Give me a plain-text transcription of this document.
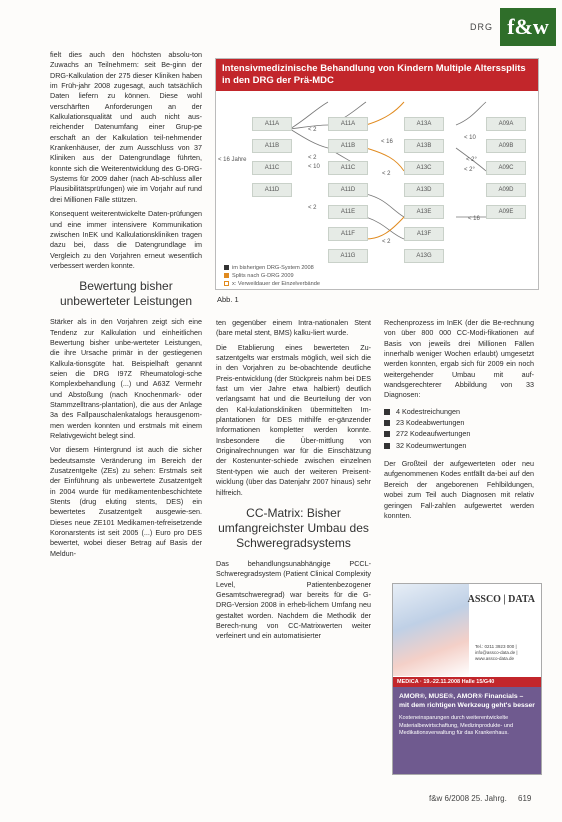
DRG f&w

fielt dies auch den höchsten absolu-ton Zuwachs an Teilnehmern: seit Be-ginn der DRG-Kalkulation der 275 dieser Kliniken haben im Früh-jahr 2008 zugesagt, auch tatsächlich Daten liefern zu können. Diese wohl verschärften Anforderungen an der Kalkulationsqualität und auch nicht aus-reichender Datenumfang einer Grup-pe erschaft an der Kalkulation teil-nehmender Krankenhäuser, der zum Ausschluss von 37 Kliniken aus der Datengrundlage führten, konnte sich die Weiterentwicklung des G-DRG-Systems für 2009 daher (nach Ab-schluss aller Plausibilitätsprüfungen) wie im Vorjahr auf rund drei Millionen Fälle stützen.

Konsequent weiterentwickelte Daten-prüfungen und eine immer intensivere Kommunikation zwischen InEK und Kalkulationskliniken tragen dazu bei, dass die Datengrundlage im Vergleich zu den Vorjahren erneut wesentlich verbessert werden konnte.

Bewertung bisher unbewerteter Leistungen

Stärker als in den Vorjahren zeigt sich eine Tendenz zur Kalkulation und einheitlichen Bewertung bisher unbe-werteter Leistungen, die ihre Ursache primär in der gestiegenen Kalkula-tionsgüte hat. Beispielhaft genannt seien die DRG I97Z Rheumatologi-sche Komplexbehandlung (...) und A63Z Vermehr und Abstoßung (nach Knochenmark- oder Stammzelltrans-plantation), die aus der Anlage 3a des Fallpauschalenkatalogs herausgenom-men werden konnten und erstmals mit einem Relativgewicht belegt sind.

Vor diesem Hintergrund ist auch die sicher bedeutsamste Veränderung im Bereich der Zusatzentgelte (ZEs) zu sehen: Erstmals seit der Einführung als unbewertete Zusatzentgelt in 2004 wurde für medikamentenbeschichtete Stents (drug eluting stents, DES) ein bewertetes Zusatzentgelt ausgewie-sen. Dieses neue ZE101 Medikamen-tefreisetzende Koronarstents ist seit 2005 (...) Euro pro DES bewertet, wobei dieser Betrag auf Basis der Meldun-

Intensivmedizinische Behandlung von Kindern Multiple Alterssplits in den DRG der Prä-MDC
A11A
A11B
A11C
A11D
A11A
A11B
A11C
A11D
A11E
A11F
A11G
A13A
A13B
A13C
A13D
A13E
A13F
A13G
A09A
A09B
A09C
A09D
A09E
< 2
< 16 Jahre	< 2
< 10
< 16
< 2°
< 10
< 2
< 2°
< 2
< 16
< 2
im bisherigen DRG-System 2008
Splits nach G-DRG 2009
x: Verweildauer der Einzelverbände
Abb. 1

ten gegenüber einem Intra-nationalen Stent (bare metal stent, BMS) kalku-liert wurde.

Die Etablierung eines bewerteten Zu-satzentgelts war erstmals möglich, weil sich die in den Vorjahren zu be-obachtende deutliche Preis-entwicklung (der Stückpreis nahm bei DES fast um vier Jahre etwa halbiert) deutlich verlangsamt hat und die Beurteilung der von den Kal-kulationskliniken übermittelten Im-plantationen für DES mithilfe er-gänzender Informationen kompletter werden konnte. Insbesondere die Über-mittlung von Originalrechnungen war für die Einschätzung der Kostenunter-schiede zwischen einzelnen Stent-typen wie auch der weiteren Preisent-wicklung (über das Datenjahr 2007 hinaus) sehr hilfreich.

CC-Matrix: Bisher umfangreichster Umbau des Schweregradsystems

Das behandlungsunabhängige PCCL-Schweregradsystem (Patient Clinical Complexity Level, Patientenbezogener Gesamtschweregrad) war bereits für die G-DRG-Version 2008 in erheb-lichem Umfang neu gestaltet worden. Nachdem die Methodik der Berech-nung von CC-Matrixwerten weiter verfeinert und ein automatisierter

Rechenprozess im InEK (der die Be-rechnung von über 800 000 CC-Modi-fikationen auf Basis von jeweils drei Millionen Fällen innerhalb weniger Wochen erlaubt) umgesetzt werden konnten, ergab sich für 2009 ein noch weitergehender Umbau mit auf-wandsgerechterer Abbildung von 33 Diagnosen:

4 Kodestreichungen
23 Kodeabwertungen
272 Kodeaufwertungen
32 Kodeumwertungen

Der Großteil der aufgewerteten oder neu aufgenommenen Kodes entfällt da-bei auf den Bereich der angeborenen Fehlbildungen, wobei zum Teil auch Diagnosen mit relativ geringen Fall-zahlen aufgewertet werden konnten.

ASSCO | DATA
Tel.: 0211 3923 000 | info@assco-data.de | www.assco-data.de
MEDICA · 19.-22.11.2008 Halle 15/G40
AMOR®, MUSE®, AMOR® Financials – mit dem richtigen Werkzeug geht's besser
Kosteneinsparungen durch weiterentwickelte Materialbewirtschaftung, Medizinprodukte- und Medikationsverwaltung für das Krankenhaus.
f&w 6/2008 25. Jahrg. 619
